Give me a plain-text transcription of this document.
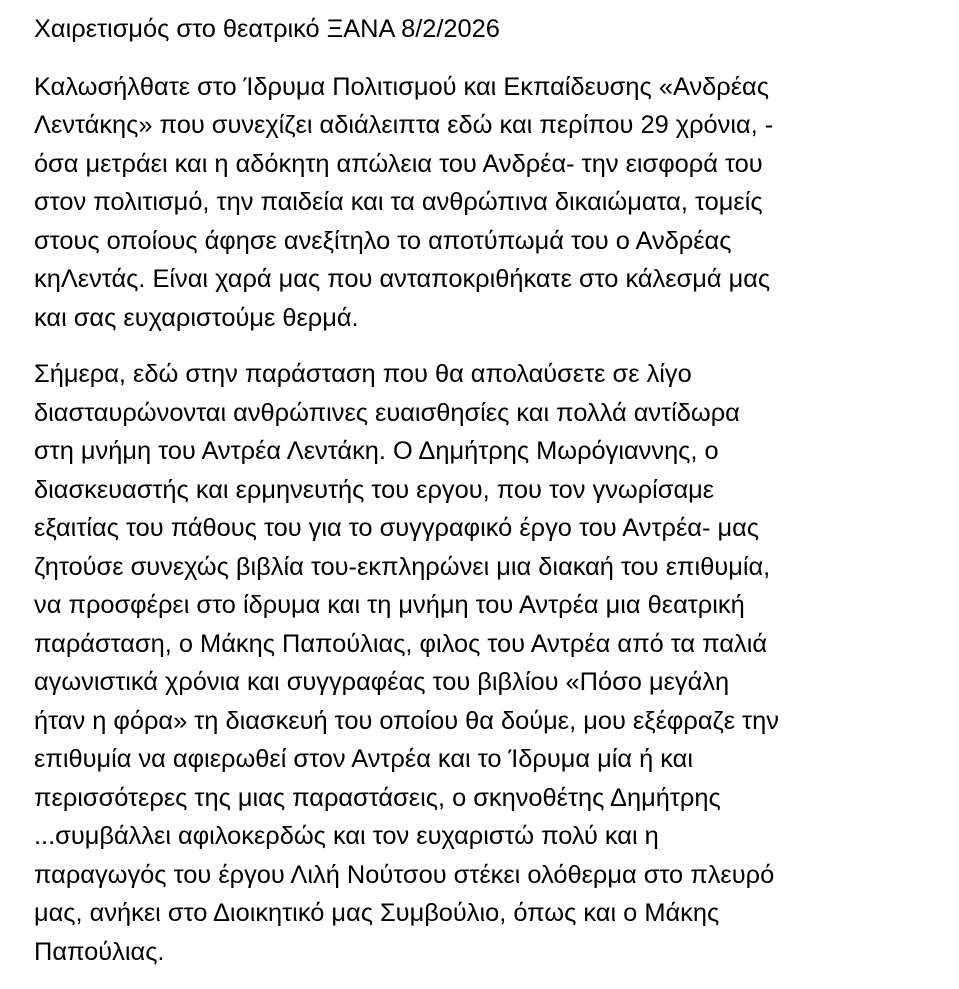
Χαιρετισμός στο θεατρικό ΞΑΝΑ 8/2/2026
Καλωσήλθατε στο Ίδρυμα Πολιτισμού και Εκπαίδευσης «Ανδρέας
Λεντάκης» που συνεχίζει αδιάλειπτα εδώ και περίπου 29 χρόνια, -
όσα μετράει και η αδόκητη απώλεια του Ανδρέα- την εισφορά του
στον πολιτισμό, την παιδεία και τα ανθρώπινα δικαιώματα, τομείς
στους οποίους άφησε ανεξίτηλο το αποτύπωμά του ο Ανδρέας
κηΛεντάς. Είναι χαρά μας που ανταποκριθήκατε στο κάλεσμά μας
και σας ευχαριστούμε θερμά.
Σήμερα, εδώ στην παράσταση που θα απολαύσετε σε λίγο
διασταυρώνονται ανθρώπινες ευαισθησίες και πολλά αντίδωρα
στη μνήμη του Αντρέα Λεντάκη. Ο Δημήτρης Μωρόγιαννης, ο
διασκευαστής και ερμηνευτής του εργου, που τον γνωρίσαμε
εξαιτίας του πάθους του για το συγγραφικό έργο του Αντρέα- μας
ζητούσε συνεχώς βιβλία του-εκπληρώνει μια διακαή του επιθυμία,
να προσφέρει στο ίδρυμα και τη μνήμη του Αντρέα μια θεατρική
παράσταση, ο Μάκης Παπούλιας, φιλος του Αντρέα από τα παλιά
αγωνιστικά χρόνια και συγγραφέας του βιβλίου «Πόσο μεγάλη
ήταν η φόρα» τη διασκευή του οποίου θα δούμε, μου εξέφραζε την
επιθυμία να αφιερωθεί στον Αντρέα και το Ίδρυμα μία ή και
περισσότερες της μιας παραστάσεις, ο σκηνοθέτης Δημήτρης
...συμβάλλει αφιλοκερδώς και τον ευχαριστώ πολύ και η
παραγωγός του έργου Λιλή Νούτσου στέκει ολόθερμα στο πλευρό
μας, ανήκει στο Διοικητικό μας Συμβούλιο, όπως και ο Μάκης
Παπούλιας.
